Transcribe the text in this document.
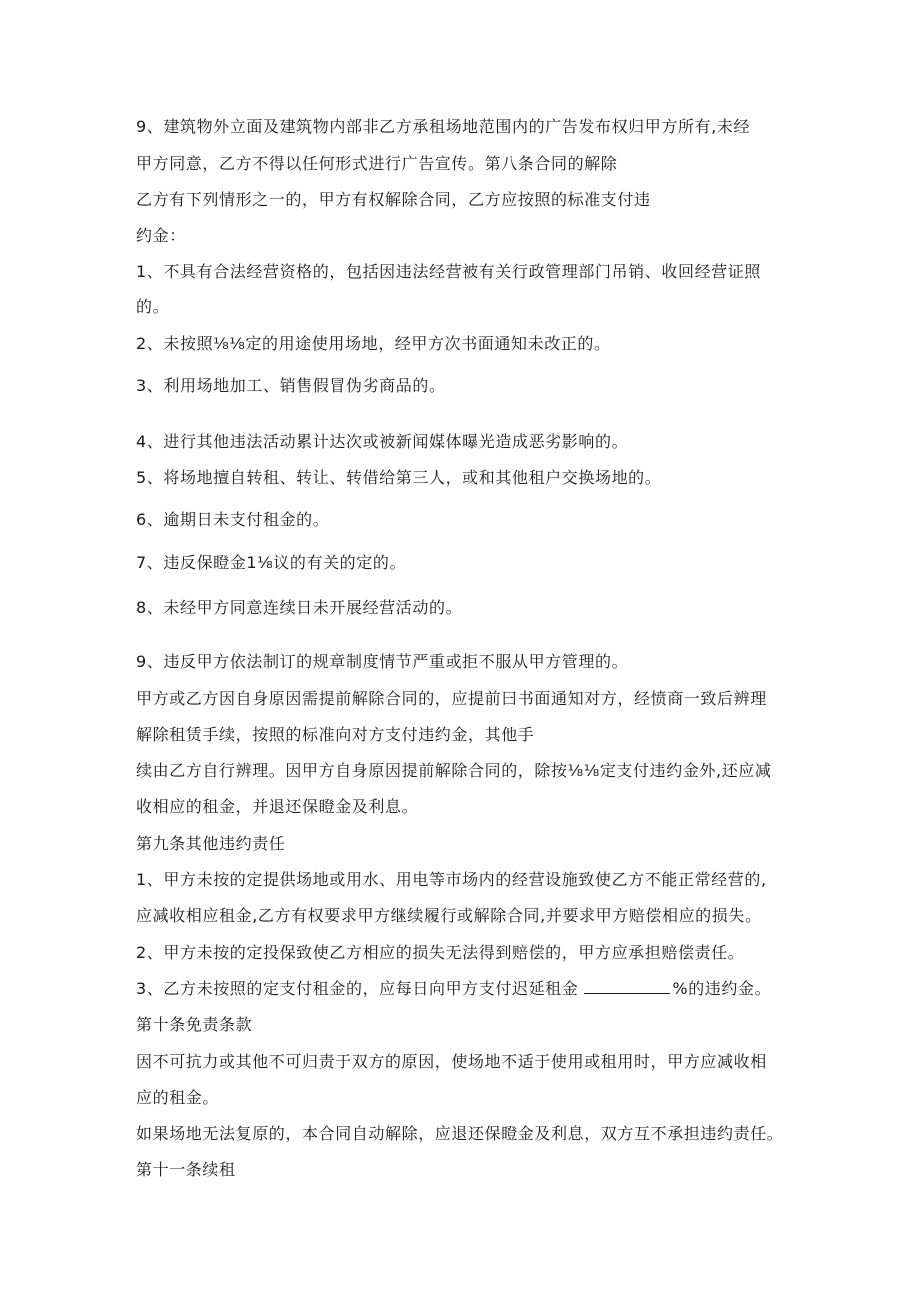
9、建筑物外立面及建筑物内部非乙方承租场地范围内的广告发布权归甲方所有,未经
甲方同意，乙方不得以任何形式进行广告宣传。第八条合同的解除
乙方有下列情形之一的，甲方有权解除合同，乙方应按照的标准支付违
约金：
1、不具有合法经营资格的，包括因违法经营被有关行政管理部门吊销、收回经营证照
的。
2、未按照⅛⅛定的用途使用场地，经甲方次书面通知未改正的。
3、利用场地加工、销售假冒伪劣商品的。
4、进行其他违法活动累计达次或被新闻媒体曝光造成恶劣影响的。
5、将场地擅自转租、转让、转借给第三人，或和其他租户交换场地的。
6、逾期日未支付租金的。
7、违反保瞪金1⅛议的有关的定的。
8、未经甲方同意连续日未开展经营活动的。
9、违反甲方依法制订的规章制度情节严重或拒不服从甲方管理的。
甲方或乙方因自身原因需提前解除合同的，应提前曰书面通知对方，经愤商一致后辨理
解除租赁手续，按照的标准向对方支付违约金，其他手
续由乙方自行辨理。因甲方自身原因提前解除合同的，除按⅛⅛定支付违约金外,还应减
收相应的租金，并退还保瞪金及利息。
第九条其他违约责任
1、甲方未按的定提供场地或用水、用电等市场内的经营设施致使乙方不能正常经营的,
应减收相应租金,乙方有权要求甲方继续履行或解除合同,并要求甲方赔偿相应的损失。
2、甲方未按的定投保致使乙方相应的损失无法得到赔偿的，甲方应承担赔偿责任。
3、乙方未按照的定支付租金的，应每日向甲方支付迟延租金	%的违约金。
第十条免责条款
因不可抗力或其他不可归责于双方的原因，使场地不适于使用或租用时，甲方应减收相
应的租金。
如果场地无法复原的，本合同自动解除，应退还保瞪金及利息，双方互不承担违约责任。
第十一条续租
